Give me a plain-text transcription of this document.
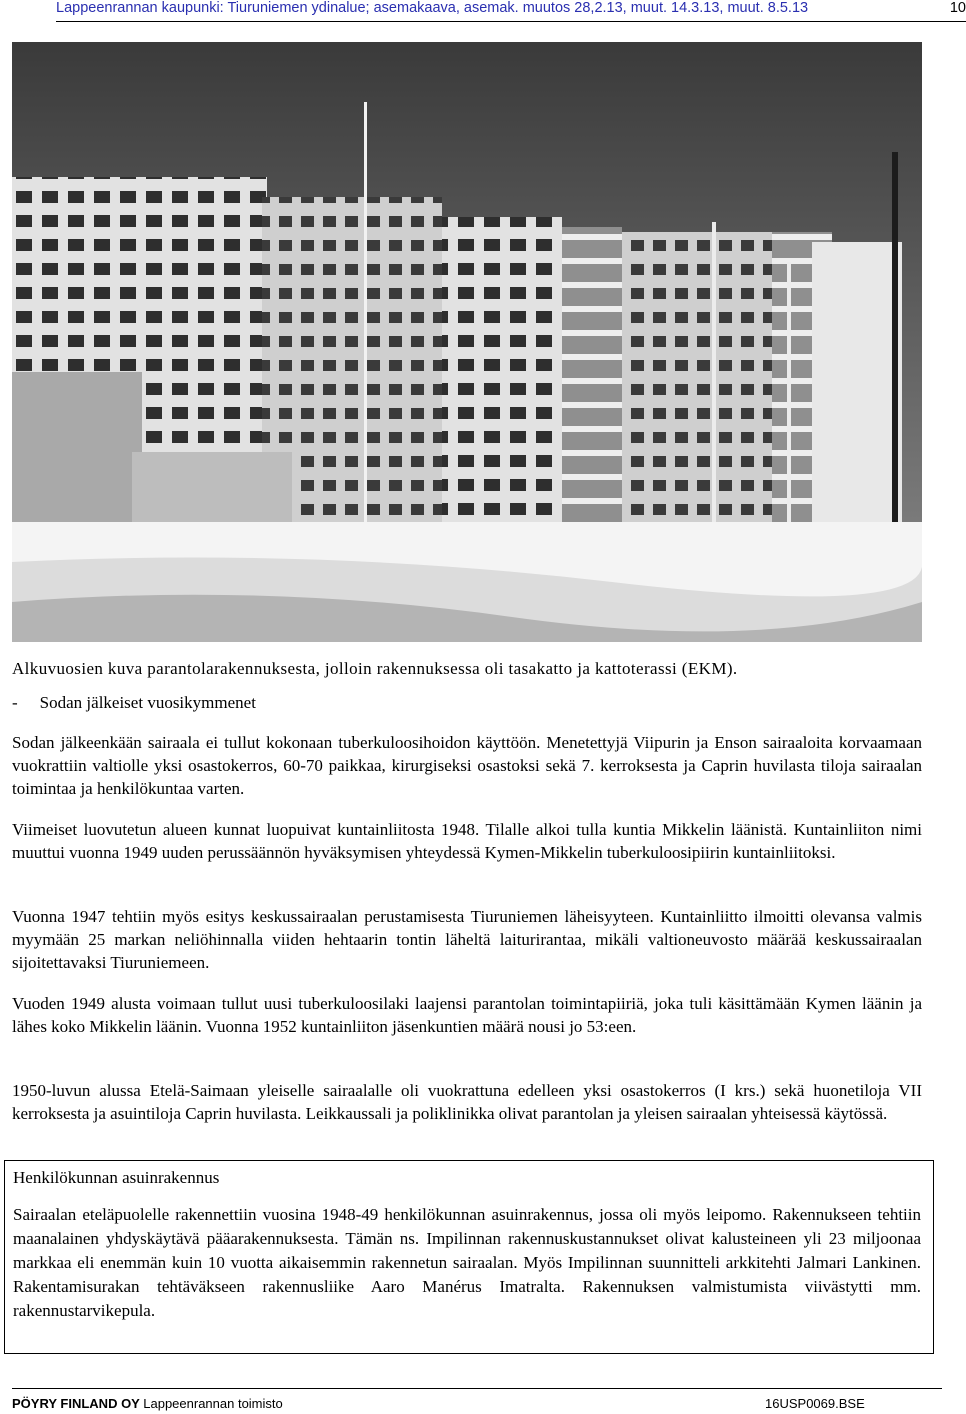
Lappeenrannan kaupunki: Tiuruniemen ydinalue; asemakaava, asemak. muutos 28,2.13, muut. 14.3.13, muut. 8.5.13	10
Alkuvuosien kuva parantolarakennuksesta, jolloin rakennuksessa oli tasakatto ja kattoterassi (EKM).
- Sodan jälkeiset vuosikymmenet

Sodan jälkeenkään sairaala ei tullut kokonaan tuberkuloosihoidon käyttöön. Menetettyjä Viipurin ja Enson sairaaloita korvaamaan vuokrattiin valtiolle yksi osastokerros, 60-70 paikkaa, kirurgiseksi osastoksi sekä 7. kerroksesta ja Caprin huvilasta tiloja sairaalan toimintaa ja henkilökuntaa varten.

Viimeiset luovutetun alueen kunnat luopuivat kuntainliitosta 1948. Tilalle alkoi tulla kuntia Mikkelin läänistä. Kuntainliiton nimi muuttui vuonna 1949 uuden perussäännön hyväksymisen yhteydessä Kymen-Mikkelin tuberkuloosipiirin kuntainliitoksi.

Vuonna 1947 tehtiin myös esitys keskussairaalan perustamisesta Tiuruniemen läheisyyteen. Kuntainliitto ilmoitti olevansa valmis myymään 25 markan neliöhinnalla viiden hehtaarin tontin läheltä laiturirantaa, mikäli valtioneuvosto määrää keskussairaalan sijoitettavaksi Tiuruniemeen.

Vuoden 1949 alusta voimaan tullut uusi tuberkuloosilaki laajensi parantolan toimintapiiriä, joka tuli käsittämään Kymen läänin ja lähes koko Mikkelin läänin. Vuonna 1952 kuntainliiton jäsenkuntien määrä nousi jo 53:een.

1950-luvun alussa Etelä-Saimaan yleiselle sairaalalle oli vuokrattuna edelleen yksi osastokerros (I krs.) sekä huonetiloja VII kerroksesta ja asuintiloja Caprin huvilasta. Leikkaussali ja poliklinikka olivat parantolan ja yleisen sairaalan yhteisessä käytössä.

Henkilökunnan asuinrakennus

Sairaalan eteläpuolelle rakennettiin vuosina 1948-49 henkilökunnan asuinrakennus, jossa oli myös leipomo. Rakennukseen tehtiin maanalainen yhdyskäytävä pääarakennuksesta. Tämän ns. Impilinnan rakennuskustannukset olivat kalusteineen yli 23 miljoonaa markkaa eli enemmän kuin 10 vuotta aikaisemmin rakennetun sairaalan. Myös Impilinnan suunnitteli arkkitehti Jalmari Lankinen. Rakentamisurakan tehtäväkseen rakennusliike Aaro Manérus Imatralta. Rakennuksen valmistumista viivästytti mm. rakennustarvikepula.

PÖYRY FINLAND OY Lappeenrannan toimisto	16USP0069.BSE
